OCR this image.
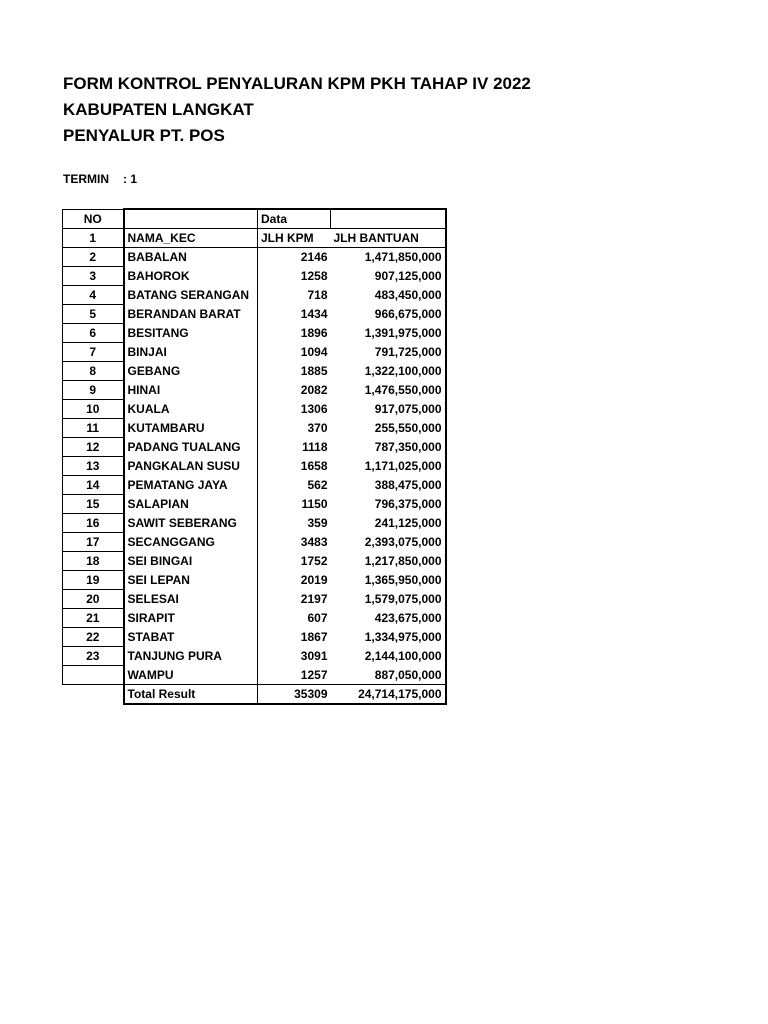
FORM KONTROL PENYALURAN KPM PKH TAHAP IV 2022
KABUPATEN LANGKAT
PENYALUR PT. POS
TERMIN : 1
NO		Data	
1	NAMA_KEC	JLH KPM	JLH BANTUAN
2	BABALAN	2146	1,471,850,000
3	BAHOROK	1258	907,125,000
4	BATANG SERANGAN	718	483,450,000
5	BERANDAN BARAT	1434	966,675,000
6	BESITANG	1896	1,391,975,000
7	BINJAI	1094	791,725,000
8	GEBANG	1885	1,322,100,000
9	HINAI	2082	1,476,550,000
10	KUALA	1306	917,075,000
11	KUTAMBARU	370	255,550,000
12	PADANG TUALANG	1118	787,350,000
13	PANGKALAN SUSU	1658	1,171,025,000
14	PEMATANG JAYA	562	388,475,000
15	SALAPIAN	1150	796,375,000
16	SAWIT SEBERANG	359	241,125,000
17	SECANGGANG	3483	2,393,075,000
18	SEI BINGAI	1752	1,217,850,000
19	SEI LEPAN	2019	1,365,950,000
20	SELESAI	2197	1,579,075,000
21	SIRAPIT	607	423,675,000
22	STABAT	1867	1,334,975,000
23	TANJUNG PURA	3091	2,144,100,000
	WAMPU	1257	887,050,000
	Total Result	35309	24,714,175,000
